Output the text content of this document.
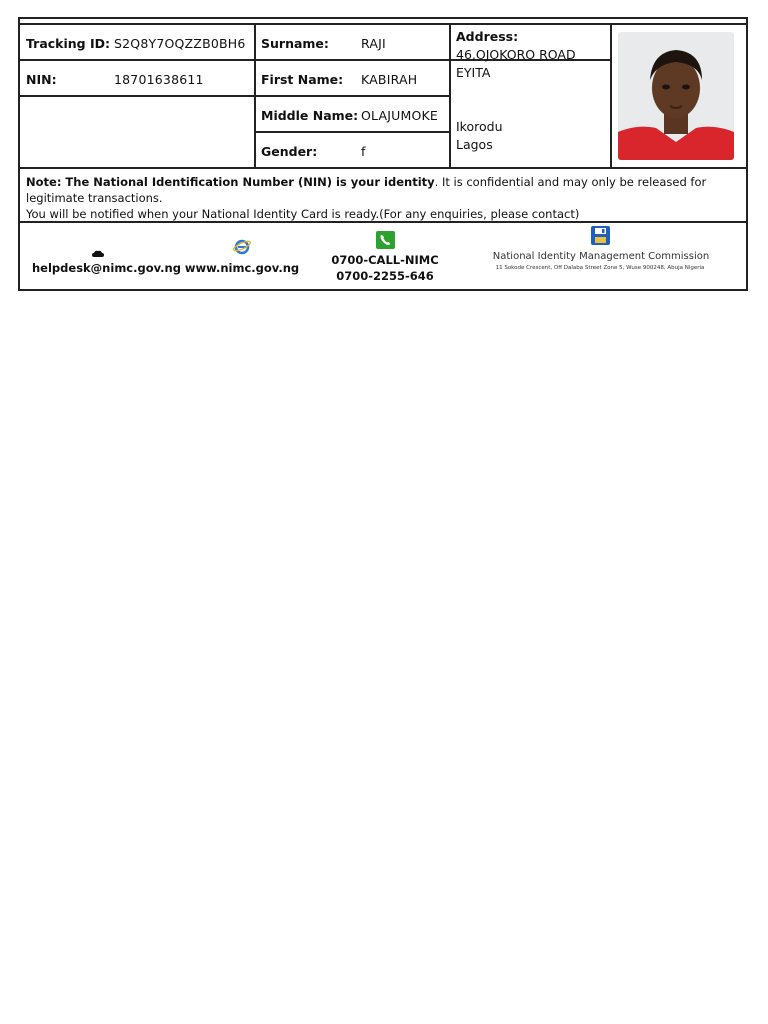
Tracking ID: S2Q8Y7OQZZB0BH6
NIN:	18701638611
Surname:	RAJI
First Name: KABIRAH
Middle Name: OLAJUMOKE
Gender:	f
Address:
46,OJOKORO ROAD
EYITA
Ikorodu
Lagos
Note: The National Identification Number (NIN) is your identity. It is confidential and may only be released for legitimate transactions.
You will be notified when your National Identity Card is ready.(For any enquiries, please contact)
helpdesk@nimc.gov.ng www.nimc.gov.ng
0700-CALL-NIMC
0700-2255-646
National Identity Management Commission
11 Sokode Crescent, Off Dalaba Street Zone 5, Wuse 900248, Abuja Nigeria
